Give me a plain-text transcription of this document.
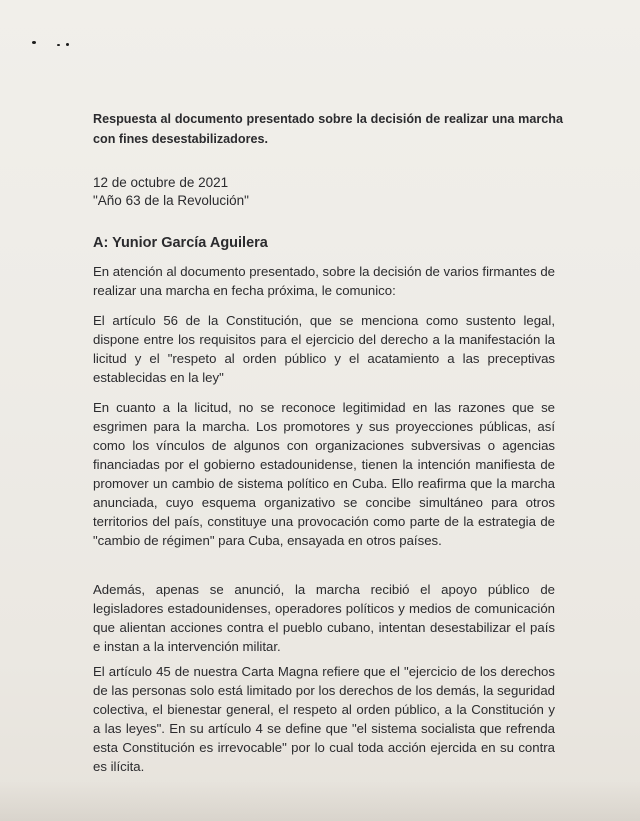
Respuesta al documento presentado sobre la decisión de realizar una marcha con fines desestabilizadores.
12 de octubre de 2021
"Año 63 de la Revolución"
A: Yunior García Aguilera

En atención al documento presentado, sobre la decisión de varios firmantes de realizar una marcha en fecha próxima, le comunico:

El artículo 56 de la Constitución, que se menciona como sustento legal, dispone entre los requisitos para el ejercicio del derecho a la manifestación la licitud y el "respeto al orden público y el acatamiento a las preceptivas establecidas en la ley"

En cuanto a la licitud, no se reconoce legitimidad en las razones que se esgrimen para la marcha. Los promotores y sus proyecciones públicas, así como los vínculos de algunos con organizaciones subversivas o agencias financiadas por el gobierno estadounidense, tienen la intención manifiesta de promover un cambio de sistema político en Cuba. Ello reafirma que la marcha anunciada, cuyo esquema organizativo se concibe simultáneo para otros territorios del país, constituye una provocación como parte de la estrategia de "cambio de régimen" para Cuba, ensayada en otros países.

Además, apenas se anunció, la marcha recibió el apoyo público de legisladores estadounidenses, operadores políticos y medios de comunicación que alientan acciones contra el pueblo cubano, intentan desestabilizar el país e instan a la intervención militar.

El artículo 45 de nuestra Carta Magna refiere que el "ejercicio de los derechos de las personas solo está limitado por los derechos de los demás, la seguridad colectiva, el bienestar general, el respeto al orden público, a la Constitución y a las leyes". En su artículo 4 se define que "el sistema socialista que refrenda esta Constitución es irrevocable" por lo cual toda acción ejercida en su contra es ilícita.
